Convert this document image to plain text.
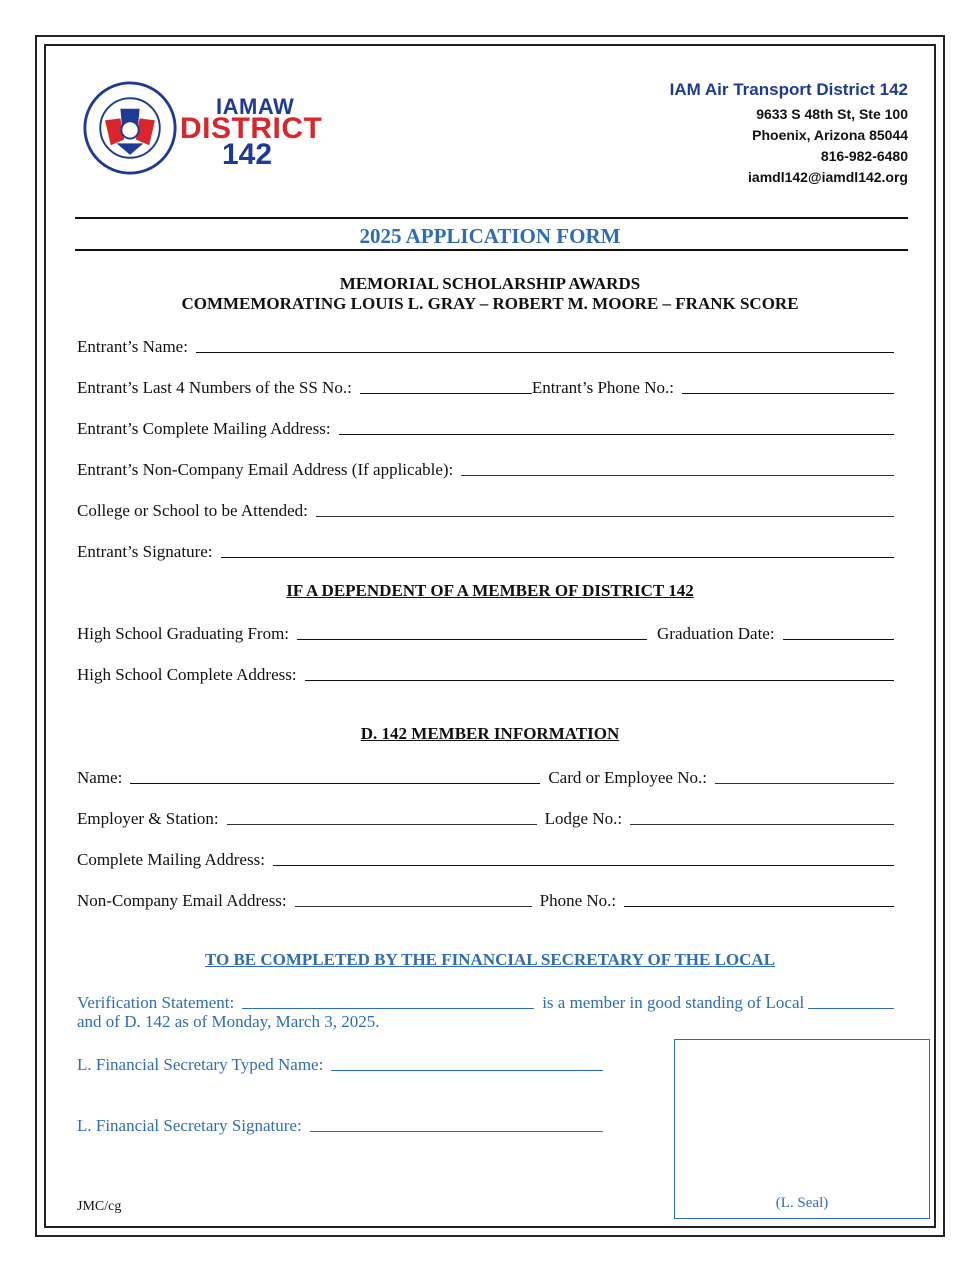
IAMAW
DISTRICT
142
IAM Air Transport District 142
9633 S 48th St, Ste 100
Phoenix, Arizona 85044
816-982-6480
iamdl142@iamdl142.org
2025 APPLICATION FORM
MEMORIAL SCHOLARSHIP AWARDS
COMMEMORATING LOUIS L. GRAY – ROBERT M. MOORE – FRANK SCORE
Entrant’s Name:
Entrant’s Last 4 Numbers of the SS No.:	Entrant’s Phone No.:
Entrant’s Complete Mailing Address:
Entrant’s Non-Company Email Address (If applicable):
College or School to be Attended:
Entrant’s Signature:
IF A DEPENDENT OF A MEMBER OF DISTRICT 142
High School Graduating From:	Graduation Date:
High School Complete Address:
D. 142 MEMBER INFORMATION
Name:	Card or Employee No.:
Employer & Station:	Lodge No.:
Complete Mailing Address:
Non-Company Email Address:	Phone No.:
TO BE COMPLETED BY THE FINANCIAL SECRETARY OF THE LOCAL
Verification Statement:	is a member in good standing of Local
and of D. 142 as of Monday, March 3, 2025.
L. Financial Secretary Typed Name:
L. Financial Secretary Signature:
(L. Seal)
JMC/cg
